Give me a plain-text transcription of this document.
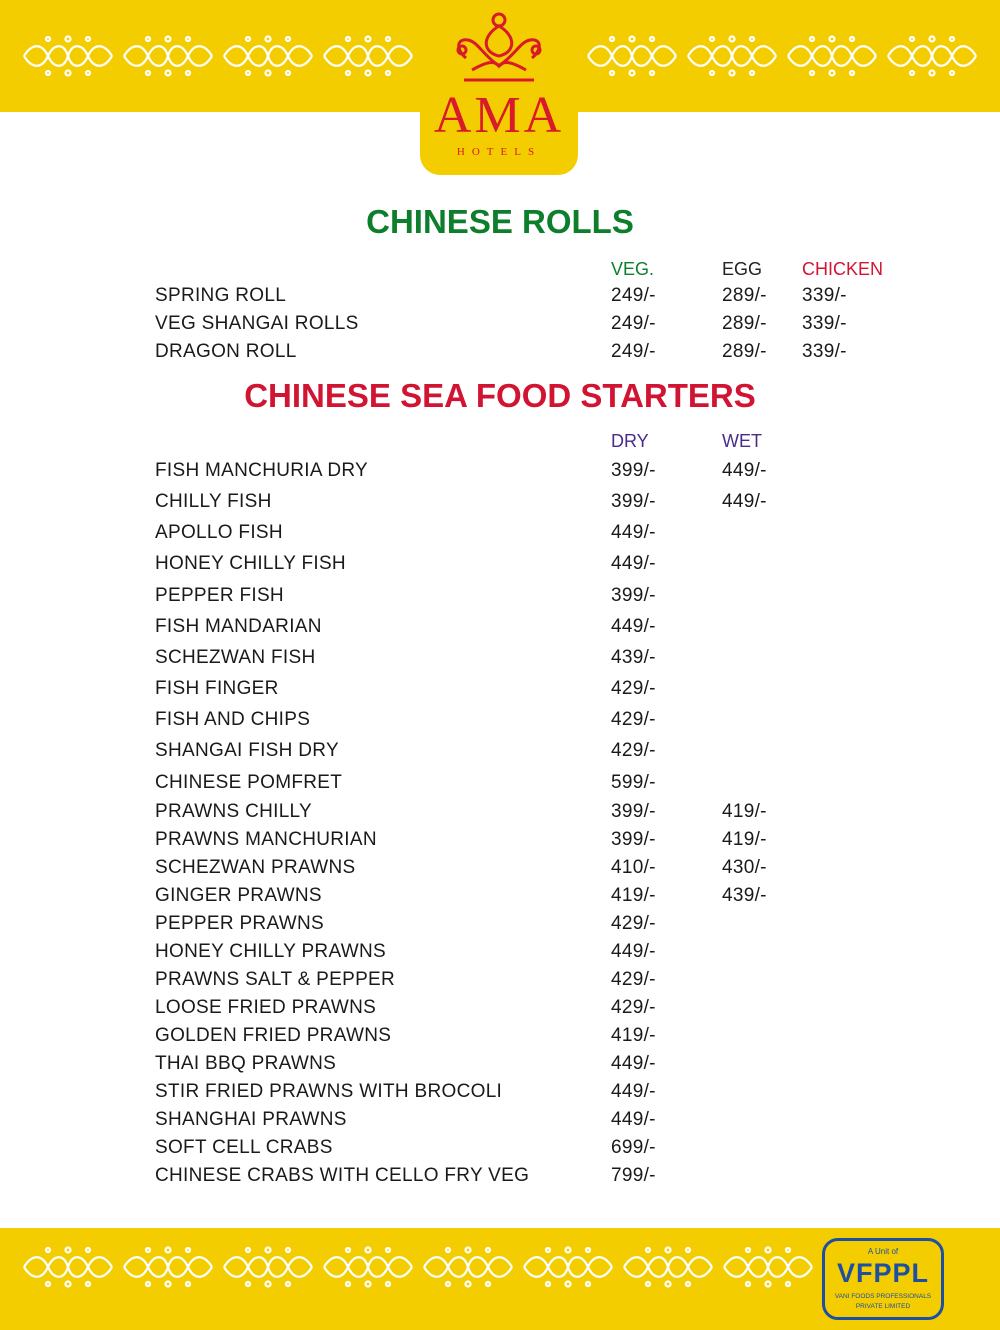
AMA
HOTELS
CHINESE ROLLS
VEG.	EGG CHICKEN
SPRING ROLL	249/-	289/- 339/-
VEG SHANGAI ROLLS	249/-	289/- 339/-
DRAGON ROLL	249/-	289/- 339/-
CHINESE SEA FOOD STARTERS
DRY	WET
FISH MANCHURIA DRY	399/-	449/-
CHILLY FISH	399/-	449/-
APOLLO FISH	449/-
HONEY CHILLY FISH	449/-
PEPPER FISH	399/-
FISH MANDARIAN	449/-
SCHEZWAN FISH	439/-
FISH FINGER	429/-
FISH AND CHIPS	429/-
SHANGAI FISH DRY	429/-
CHINESE POMFRET	599/-
PRAWNS CHILLY	399/-	419/-
PRAWNS MANCHURIAN	399/-	419/-
SCHEZWAN PRAWNS	410/-	430/-
GINGER PRAWNS	419/-	439/-
PEPPER PRAWNS	429/-
HONEY CHILLY PRAWNS	449/-
PRAWNS SALT & PEPPER	429/-
LOOSE FRIED PRAWNS	429/-
GOLDEN FRIED PRAWNS	419/-
THAI BBQ PRAWNS	449/-
STIR FRIED PRAWNS WITH BROCOLI	449/-
SHANGHAI PRAWNS	449/-
SOFT CELL CRABS	699/-
CHINESE CRABS WITH CELLO FRY VEG	799/-
A Unit of
VFPPL
VANI FOODS PROFESSIONALS
PRIVATE LIMITED
